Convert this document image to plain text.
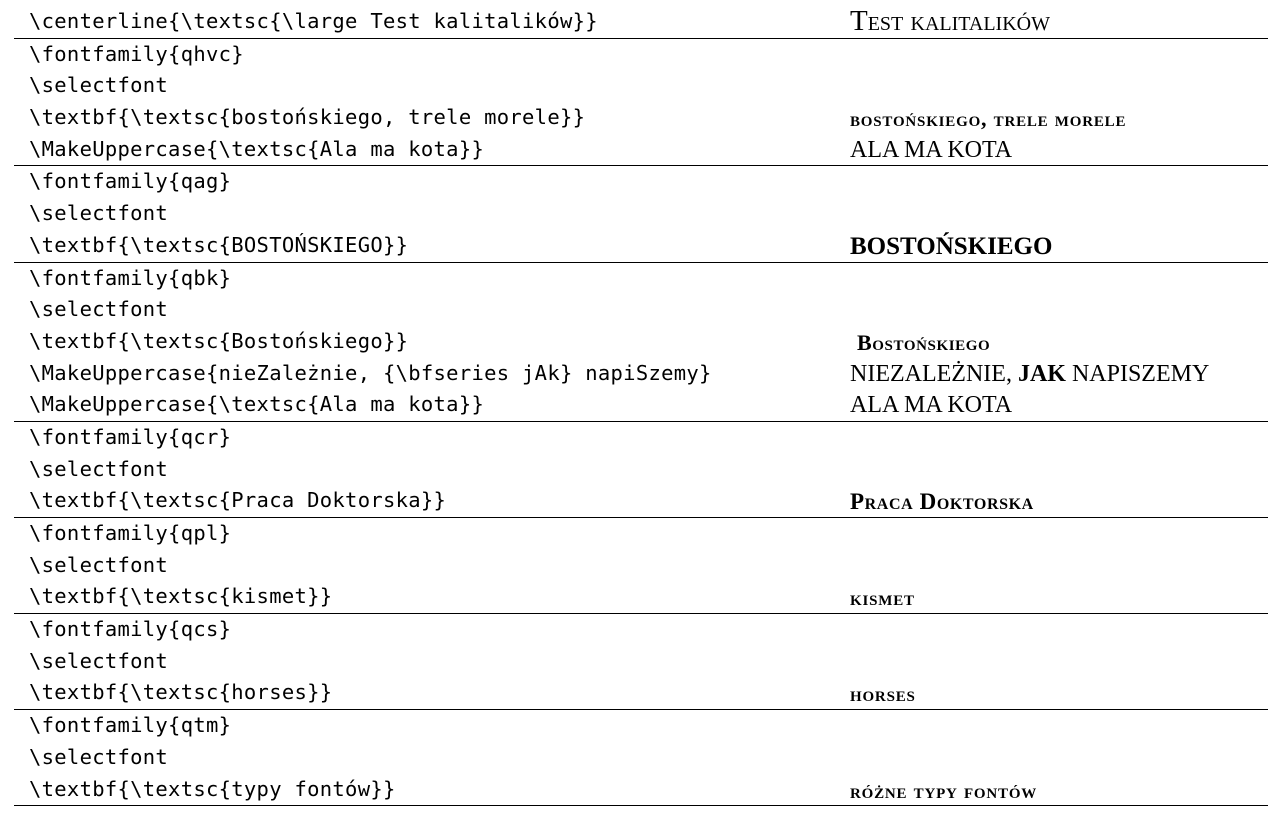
\centerline{\textsc{\large Test kalitalików}}	Test kalitalików
\fontfamily{qhvc}
\selectfont
\textbf{\textsc{bostońskiego, trele morele}}	bostońskiego, trele morele
\MakeUppercase{\textsc{Ala ma kota}}	ALA MA KOTA
\fontfamily{qag}
\selectfont
\textbf{\textsc{BOSTOŃSKIEGO}}	BOSTOŃSKIEGO
\fontfamily{qbk}
\selectfont
\textbf{\textsc{Bostońskiego}}	Bostońskiego
\MakeUppercase{nieZależnie, {\bfseries jAk} napiSzemy}	NIEZALEŻNIE, JAK NAPISZEMY
\MakeUppercase{\textsc{Ala ma kota}}	ALA MA KOTA
\fontfamily{qcr}
\selectfont
\textbf{\textsc{Praca Doktorska}}	Praca Doktorska
\fontfamily{qpl}
\selectfont
\textbf{\textsc{kismet}}	kismet
\fontfamily{qcs}
\selectfont
\textbf{\textsc{horses}}	horses
\fontfamily{qtm}
\selectfont
\textbf{\textsc{typy fontów}}	różne typy fontów
